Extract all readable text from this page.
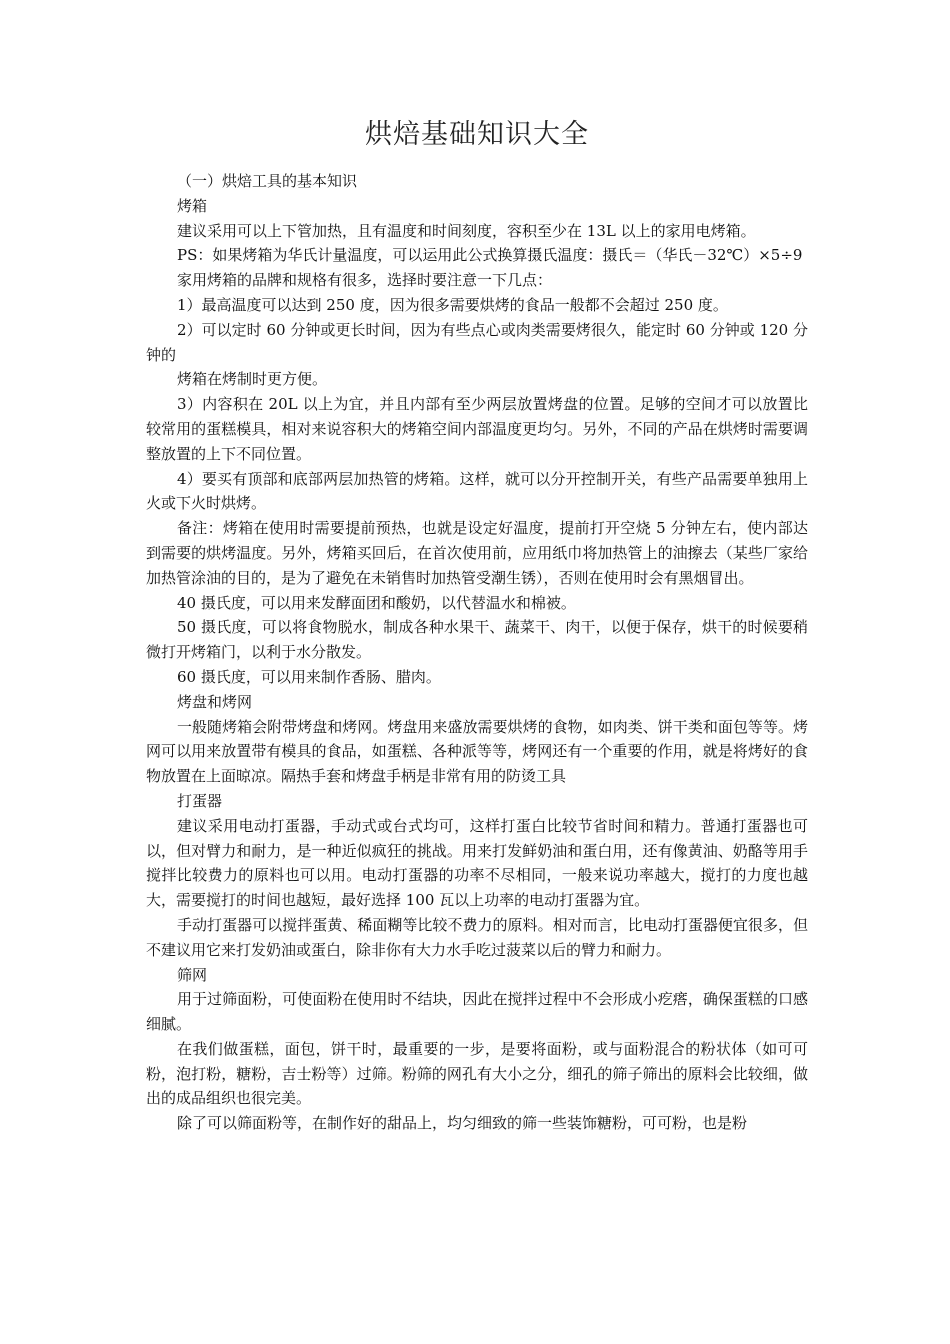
烘焙基础知识大全

（一）烘焙工具的基本知识

烤箱

建议采用可以上下管加热，且有温度和时间刻度，容积至少在 13L 以上的家用电烤箱。

PS：如果烤箱为华氏计量温度，可以运用此公式换算摄氏温度：摄氏＝（华氏－32℃）×5÷9

家用烤箱的品牌和规格有很多，选择时要注意一下几点：

1）最高温度可以达到 250 度，因为很多需要烘烤的食品一般都不会超过 250 度。

2）可以定时 60 分钟或更长时间，因为有些点心或肉类需要烤很久，能定时 60 分钟或 120 分钟的

烤箱在烤制时更方便。

3）内容积在 20L 以上为宜，并且内部有至少两层放置烤盘的位置。足够的空间才可以放置比较常用的蛋糕模具，相对来说容积大的烤箱空间内部温度更均匀。另外，不同的产品在烘烤时需要调整放置的上下不同位置。

4）要买有顶部和底部两层加热管的烤箱。这样，就可以分开控制开关，有些产品需要单独用上火或下火时烘烤。

备注：烤箱在使用时需要提前预热，也就是设定好温度，提前打开空烧 5 分钟左右，使内部达到需要的烘烤温度。另外，烤箱买回后，在首次使用前，应用纸巾将加热管上的油擦去（某些厂家给加热管涂油的目的，是为了避免在未销售时加热管受潮生锈），否则在使用时会有黑烟冒出。

40 摄氏度，可以用来发酵面团和酸奶，以代替温水和棉被。

50 摄氏度，可以将食物脱水，制成各种水果干、蔬菜干、肉干，以便于保存，烘干的时候要稍微打开烤箱门，以利于水分散发。

60 摄氏度，可以用来制作香肠、腊肉。

烤盘和烤网

一般随烤箱会附带烤盘和烤网。烤盘用来盛放需要烘烤的食物，如肉类、饼干类和面包等等。烤网可以用来放置带有模具的食品，如蛋糕、各种派等等，烤网还有一个重要的作用，就是将烤好的食物放置在上面晾凉。隔热手套和烤盘手柄是非常有用的防烫工具

打蛋器

建议采用电动打蛋器，手动式或台式均可，这样打蛋白比较节省时间和精力。普通打蛋器也可以，但对臂力和耐力，是一种近似疯狂的挑战。用来打发鲜奶油和蛋白用，还有像黄油、奶酪等用手搅拌比较费力的原料也可以用。电动打蛋器的功率不尽相同，一般来说功率越大，搅打的力度也越大，需要搅打的时间也越短，最好选择 100 瓦以上功率的电动打蛋器为宜。

手动打蛋器可以搅拌蛋黄、稀面糊等比较不费力的原料。相对而言，比电动打蛋器便宜很多，但不建议用它来打发奶油或蛋白，除非你有大力水手吃过菠菜以后的臂力和耐力。

筛网

用于过筛面粉，可使面粉在使用时不结块，因此在搅拌过程中不会形成小疙瘩，确保蛋糕的口感细腻。

在我们做蛋糕，面包，饼干时，最重要的一步，是要将面粉，或与面粉混合的粉状体（如可可粉，泡打粉，糖粉，吉士粉等）过筛。粉筛的网孔有大小之分，细孔的筛子筛出的原料会比较细，做出的成品组织也很完美。

除了可以筛面粉等，在制作好的甜品上，均匀细致的筛一些装饰糖粉，可可粉，也是粉
